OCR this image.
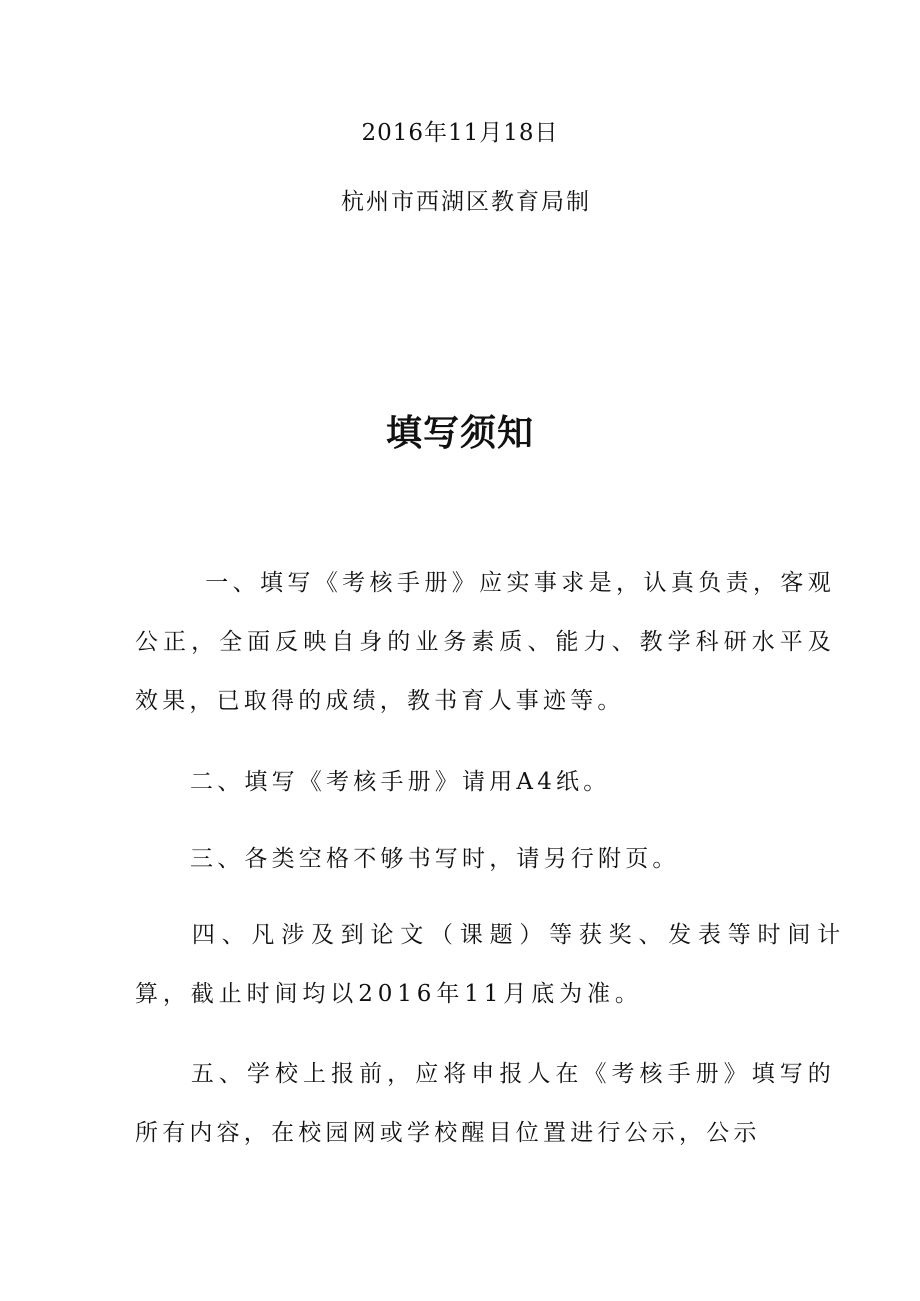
2016年11月18日
杭州市西湖区教育局制
填写须知

一、填写《考核手册》应实事求是，认真负责，客观公正，全面反映自身的业务素质、能力、教学科研水平及效果，已取得的成绩，教书育人事迹等。

二、填写《考核手册》请用A4纸。

三、各类空格不够书写时，请另行附页。

四、凡涉及到论文（课题）等获奖、发表等时间计算，截止时间均以2016年11月底为准。

五、学校上报前，应将申报人在《考核手册》填写的所有内容，在校园网或学校醒目位置进行公示，公示
